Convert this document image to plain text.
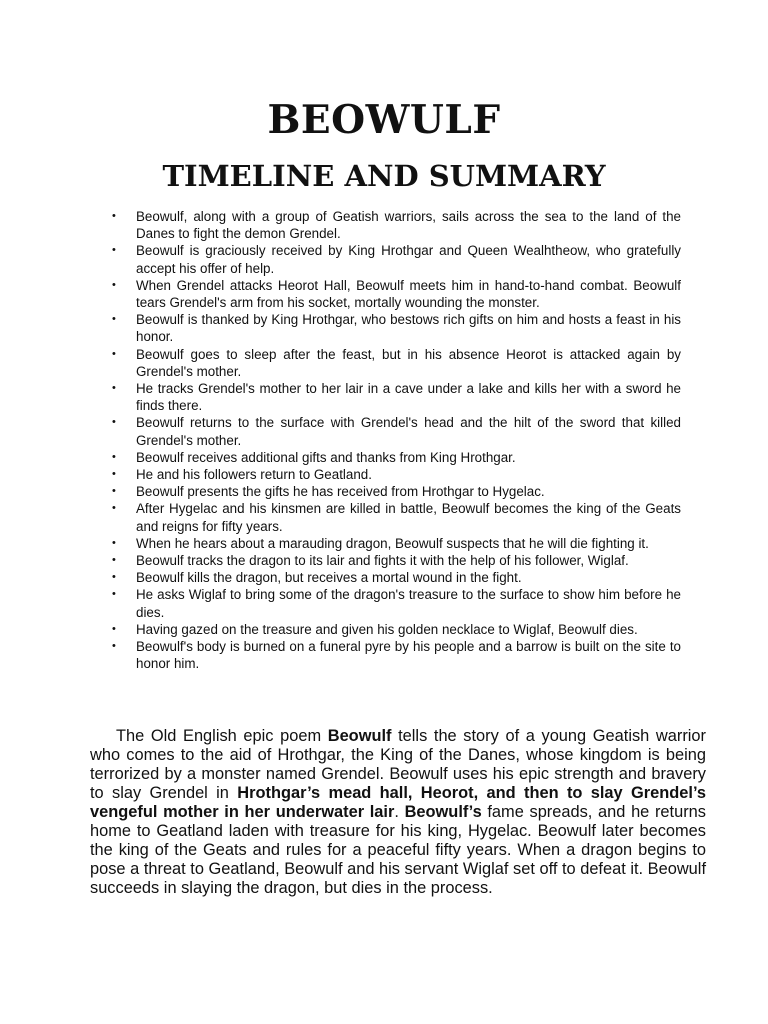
BEOWULF
TIMELINE AND SUMMARY
• Beowulf, along with a group of Geatish warriors, sails across the sea to the land of the Danes to fight the demon Grendel.
• Beowulf is graciously received by King Hrothgar and Queen Wealhtheow, who gratefully accept his offer of help.
• When Grendel attacks Heorot Hall, Beowulf meets him in hand-to-hand combat. Beowulf tears Grendel's arm from his socket, mortally wounding the monster.
• Beowulf is thanked by King Hrothgar, who bestows rich gifts on him and hosts a feast in his honor.
• Beowulf goes to sleep after the feast, but in his absence Heorot is attacked again by Grendel's mother.
• He tracks Grendel's mother to her lair in a cave under a lake and kills her with a sword he finds there.
• Beowulf returns to the surface with Grendel's head and the hilt of the sword that killed Grendel's mother.
• Beowulf receives additional gifts and thanks from King Hrothgar.
• He and his followers return to Geatland.
• Beowulf presents the gifts he has received from Hrothgar to Hygelac.
• After Hygelac and his kinsmen are killed in battle, Beowulf becomes the king of the Geats and reigns for fifty years.
• When he hears about a marauding dragon, Beowulf suspects that he will die fighting it.
• Beowulf tracks the dragon to its lair and fights it with the help of his follower, Wiglaf.
• Beowulf kills the dragon, but receives a mortal wound in the fight.
• He asks Wiglaf to bring some of the dragon's treasure to the surface to show him before he dies.
• Having gazed on the treasure and given his golden necklace to Wiglaf, Beowulf dies.
• Beowulf's body is burned on a funeral pyre by his people and a barrow is built on the site to honor him.

The Old English epic poem Beowulf tells the story of a young Geatish warrior who comes to the aid of Hrothgar, the King of the Danes, whose kingdom is being terrorized by a monster named Grendel. Beowulf uses his epic strength and bravery to slay Grendel in Hrothgar’s mead hall, Heorot, and then to slay Grendel’s vengeful mother in her underwater lair. Beowulf’s fame spreads, and he returns home to Geatland laden with treasure for his king, Hygelac. Beowulf later becomes the king of the Geats and rules for a peaceful fifty years. When a dragon begins to pose a threat to Geatland, Beowulf and his servant Wiglaf set off to defeat it. Beowulf succeeds in slaying the dragon, but dies in the process.
